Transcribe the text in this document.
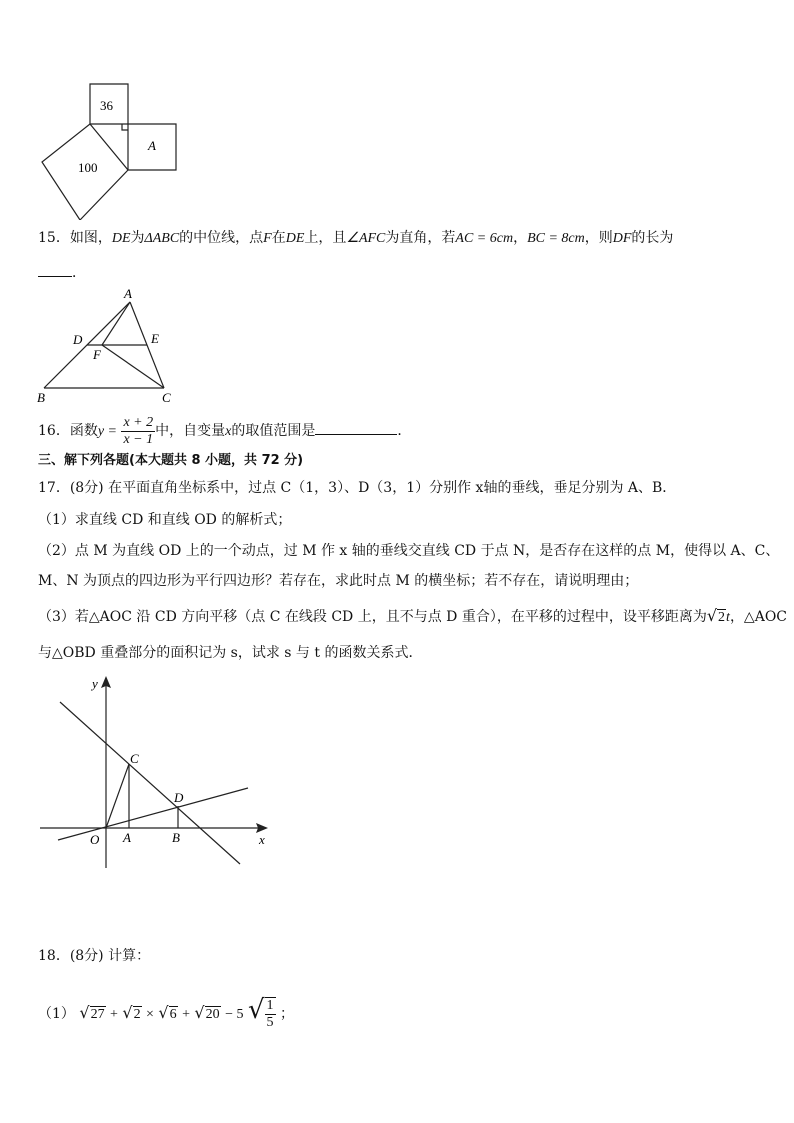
36
A
100
15．如图，DE为ΔABC的中位线，点F在DE上，且∠AFC为直角，若AC = 6cm，BC = 8cm，则DF的长为
．
A
D	E
F
B	C
16．函数$y = \frac{x + 2}{x - 1}$ 中，自变量x的取值范围是	．
三、解下列各题(本大题共 8 小题，共 72 分)
17．(8分) 在平面直角坐标系中，过点 C（1，3）、D（3，1）分别作 x轴的垂线，垂足分别为 A、B．
（1）求直线 CD 和直线 OD 的解析式；
（2）点 M 为直线 OD 上的一个动点，过 M 作 x 轴的垂线交直线 CD 于点 N，是否存在这样的点 M，使得以 A、C、
M、N 为顶点的四边形为平行四边形？若存在，求此时点 M 的横坐标；若不存在，请说明理由；
（3）若△AOC 沿 CD 方向平移（点 C 在线段 CD 上，且不与点 D 重合），在平移的过程中，设平移距离为√2t，△AOC
与△OBD 重叠部分的面积记为 s，试求 s 与 t 的函数关系式．
y
x
O A	B
C
D
18．(8分) 计算：
（1） √27 + √2 × √6 + √20 − 5 √ $\frac{1}{5}$ ；
